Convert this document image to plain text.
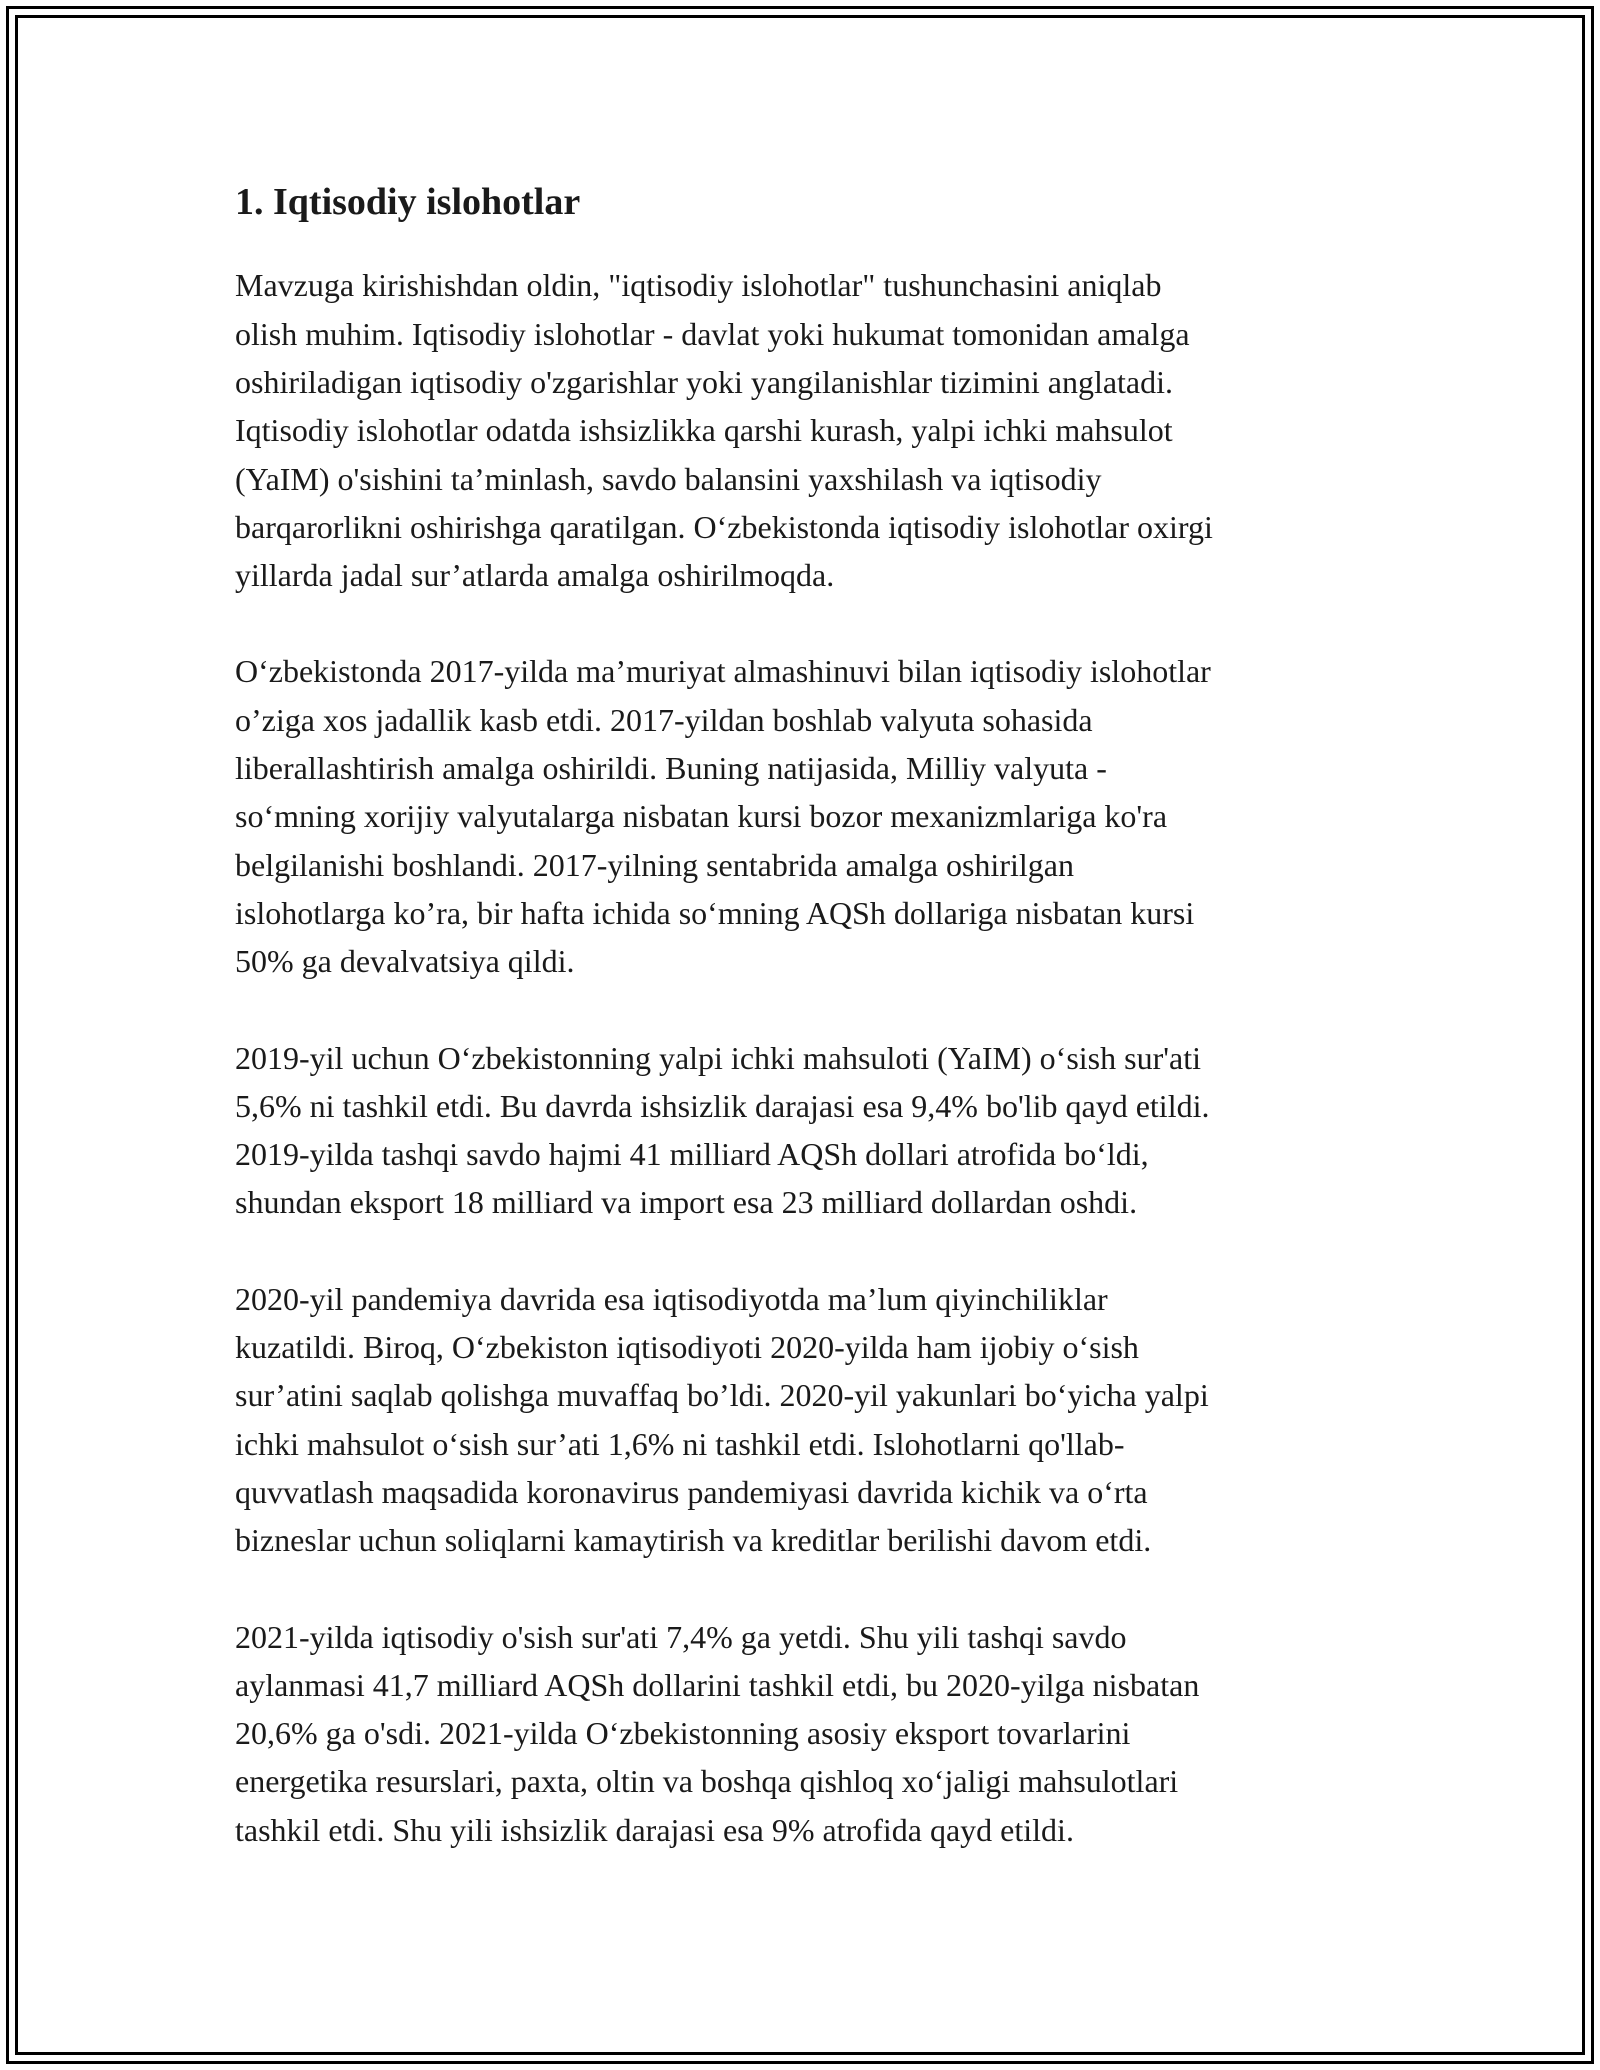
1. Iqtisodiy islohotlar

Mavzuga kirishishdan oldin, "iqtisodiy islohotlar" tushunchasini aniqlab
olish muhim. Iqtisodiy islohotlar - davlat yoki hukumat tomonidan amalga
oshiriladigan iqtisodiy o'zgarishlar yoki yangilanishlar tizimini anglatadi.
Iqtisodiy islohotlar odatda ishsizlikka qarshi kurash, yalpi ichki mahsulot
(YaIM) o'sishini ta’minlash, savdo balansini yaxshilash va iqtisodiy
barqarorlikni oshirishga qaratilgan. O‘zbekistonda iqtisodiy islohotlar oxirgi
yillarda jadal sur’atlarda amalga oshirilmoqda.

O‘zbekistonda 2017-yilda ma’muriyat almashinuvi bilan iqtisodiy islohotlar
o’ziga xos jadallik kasb etdi. 2017-yildan boshlab valyuta sohasida
liberallashtirish amalga oshirildi. Buning natijasida, Milliy valyuta -
so‘mning xorijiy valyutalarga nisbatan kursi bozor mexanizmlariga ko'ra
belgilanishi boshlandi. 2017-yilning sentabrida amalga oshirilgan
islohotlarga ko’ra, bir hafta ichida so‘mning AQSh dollariga nisbatan kursi
50% ga devalvatsiya qildi.

2019-yil uchun O‘zbekistonning yalpi ichki mahsuloti (YaIM) o‘sish sur'ati
5,6% ni tashkil etdi. Bu davrda ishsizlik darajasi esa 9,4% bo'lib qayd etildi.
2019-yilda tashqi savdo hajmi 41 milliard AQSh dollari atrofida bo‘ldi,
shundan eksport 18 milliard va import esa 23 milliard dollardan oshdi.

2020-yil pandemiya davrida esa iqtisodiyotda ma’lum qiyinchiliklar
kuzatildi. Biroq, O‘zbekiston iqtisodiyoti 2020-yilda ham ijobiy o‘sish
sur’atini saqlab qolishga muvaffaq bo’ldi. 2020-yil yakunlari bo‘yicha yalpi
ichki mahsulot o‘sish sur’ati 1,6% ni tashkil etdi. Islohotlarni qo'llab-
quvvatlash maqsadida koronavirus pandemiyasi davrida kichik va o‘rta
bizneslar uchun soliqlarni kamaytirish va kreditlar berilishi davom etdi.

2021-yilda iqtisodiy o'sish sur'ati 7,4% ga yetdi. Shu yili tashqi savdo
aylanmasi 41,7 milliard AQSh dollarini tashkil etdi, bu 2020-yilga nisbatan
20,6% ga o'sdi. 2021-yilda O‘zbekistonning asosiy eksport tovarlarini
energetika resurslari, paxta, oltin va boshqa qishloq xo‘jaligi mahsulotlari
tashkil etdi. Shu yili ishsizlik darajasi esa 9% atrofida qayd etildi.
